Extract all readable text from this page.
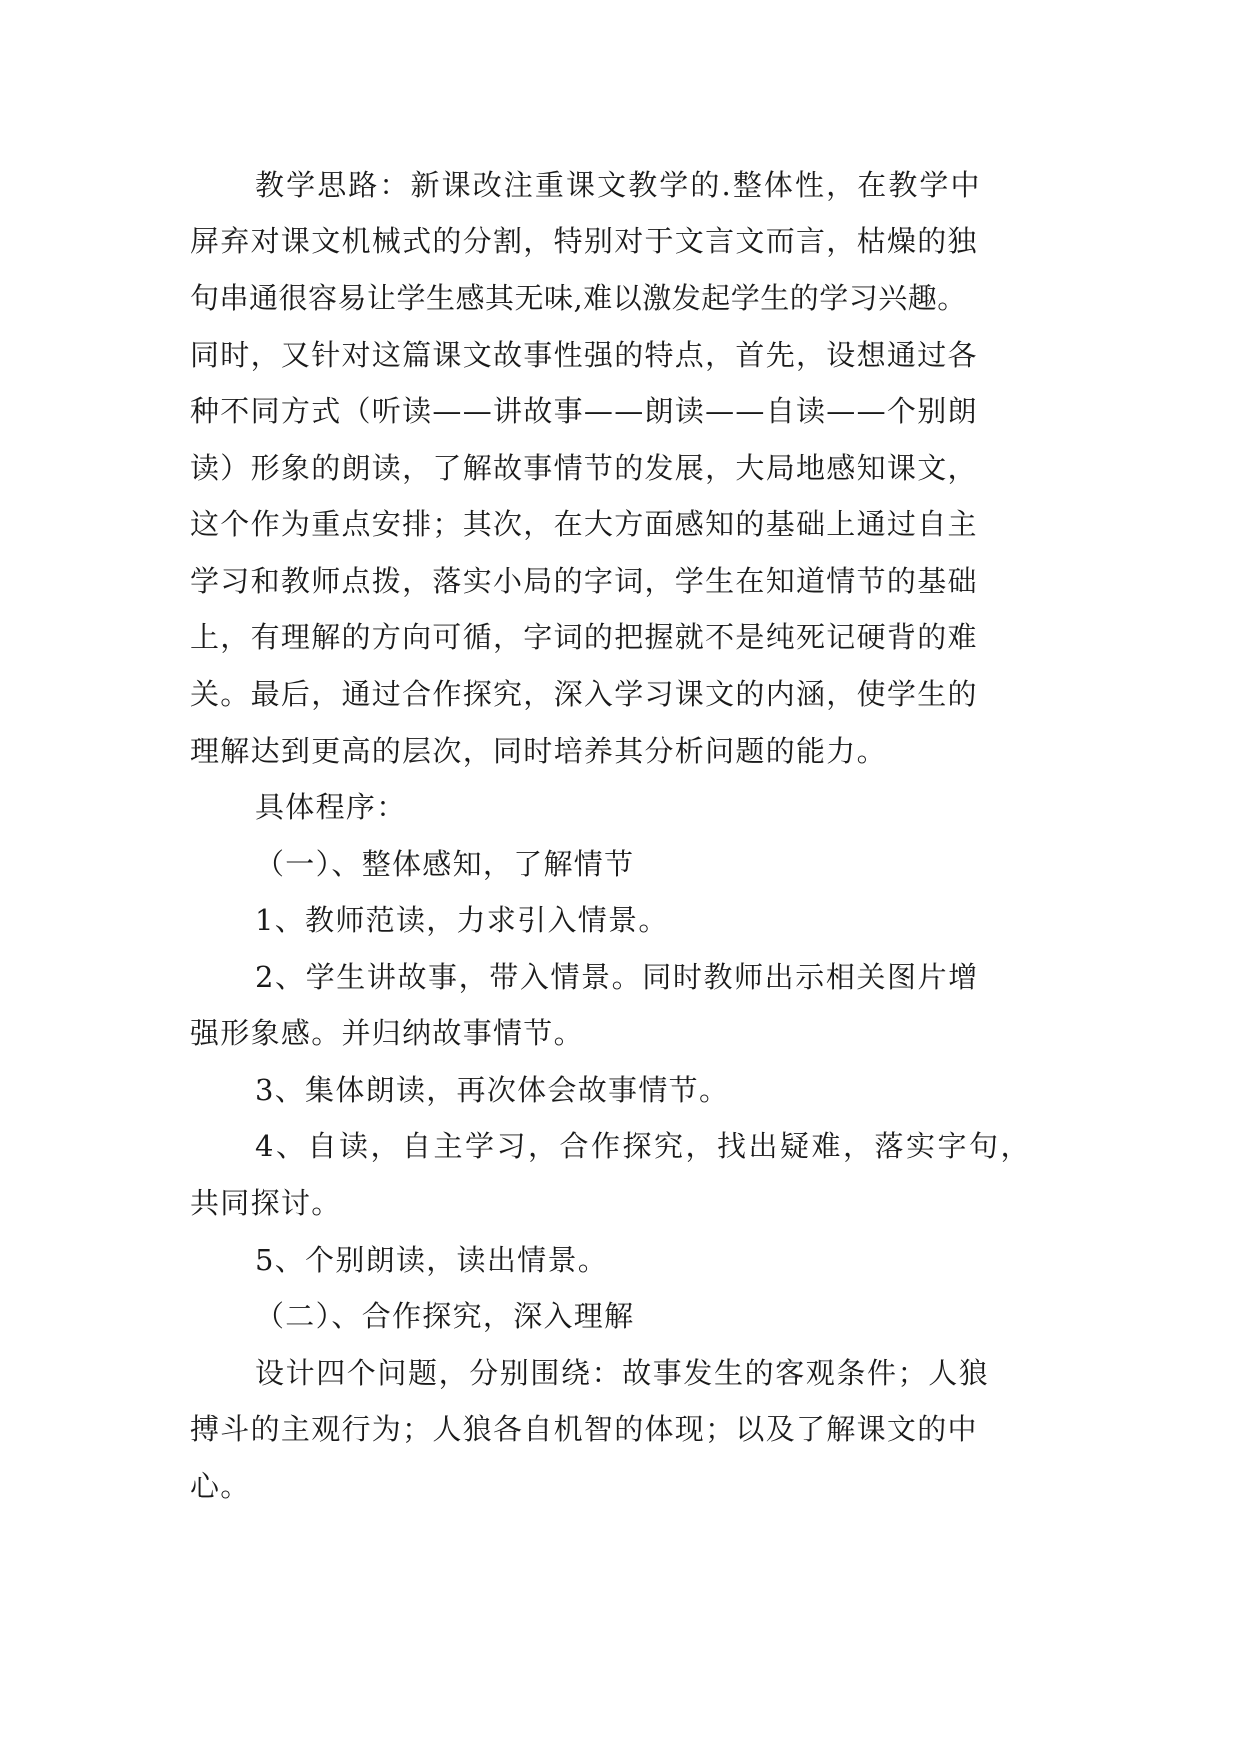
教学思路：新课改注重课文教学的.整体性，在教学中
屏弃对课文机械式的分割，特别对于文言文而言，枯燥的独
句串通很容易让学生感其无味,难以激发起学生的学习兴趣。
同时，又针对这篇课文故事性强的特点，首先，设想通过各
种不同方式（听读——讲故事——朗读——自读——个别朗
读）形象的朗读，了解故事情节的发展，大局地感知课文，
这个作为重点安排；其次，在大方面感知的基础上通过自主
学习和教师点拨，落实小局的字词，学生在知道情节的基础
上，有理解的方向可循，字词的把握就不是纯死记硬背的难
关。最后，通过合作探究，深入学习课文的内涵，使学生的
理解达到更高的层次，同时培养其分析问题的能力。
具体程序：
（一）、整体感知，了解情节
1、教师范读，力求引入情景。
2、学生讲故事，带入情景。同时教师出示相关图片增
强形象感。并归纳故事情节。
3、集体朗读，再次体会故事情节。
4、自读，自主学习，合作探究，找出疑难，落实字句，
共同探讨。
5、个别朗读，读出情景。
（二）、合作探究，深入理解
设计四个问题，分别围绕：故事发生的客观条件；人狼
搏斗的主观行为；人狼各自机智的体现；以及了解课文的中
心。
